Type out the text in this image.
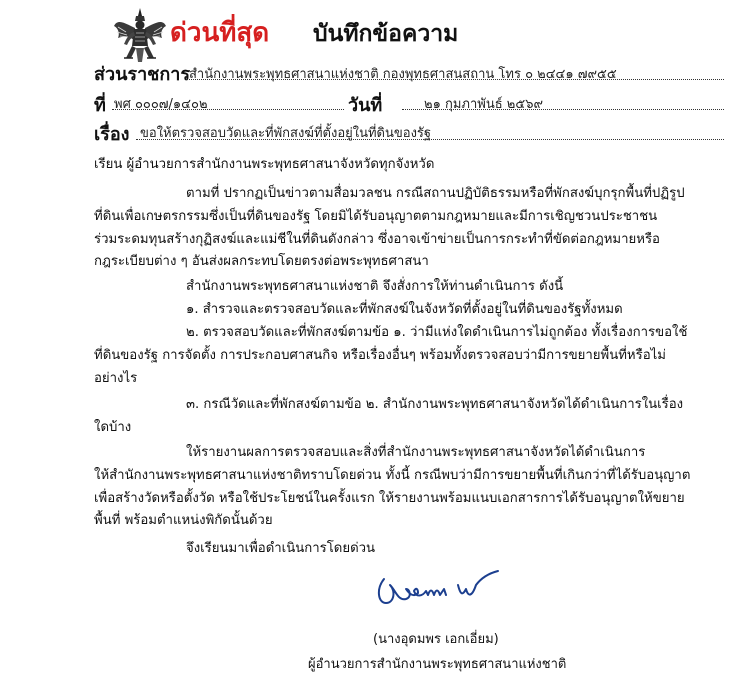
ด่วนที่สุด บันทึกข้อความ
ส่วนราชการ
สำนักงานพระพุทธศาสนาแห่งชาติ กองพุทธศาสนสถาน โทร ๐ ๒๔๔๑ ๗๙๕๕
ที่ พศ ๐๐๐๗/๑๔๐๒	วันที่	๒๑ กุมภาพันธ์ ๒๕๖๙
เรื่อง ขอให้ตรวจสอบวัดและที่พักสงฆ์ที่ตั้งอยู่ในที่ดินของรัฐ
เรียน ผู้อำนวยการสำนักงานพระพุทธศาสนาจังหวัดทุกจังหวัด
ตามที่ ปรากฏเป็นข่าวตามสื่อมวลชน กรณีสถานปฏิบัติธรรมหรือที่พักสงฆ์บุกรุกพื้นที่ปฏิรูป
ที่ดินเพื่อเกษตรกรรมซึ่งเป็นที่ดินของรัฐ โดยมิได้รับอนุญาตตามกฎหมายและมีการเชิญชวนประชาชน
ร่วมระดมทุนสร้างกุฏิสงฆ์และแม่ชีในที่ดินดังกล่าว ซึ่งอาจเข้าข่ายเป็นการกระทำที่ขัดต่อกฎหมายหรือ
กฎระเบียบต่าง ๆ อันส่งผลกระทบโดยตรงต่อพระพุทธศาสนา
สำนักงานพระพุทธศาสนาแห่งชาติ จึงสั่งการให้ท่านดำเนินการ ดังนี้
๑. สำรวจและตรวจสอบวัดและที่พักสงฆ์ในจังหวัดที่ตั้งอยู่ในที่ดินของรัฐทั้งหมด
๒. ตรวจสอบวัดและที่พักสงฆ์ตามข้อ ๑. ว่ามีแห่งใดดำเนินการไม่ถูกต้อง ทั้งเรื่องการขอใช้
ที่ดินของรัฐ การจัดตั้ง การประกอบศาสนกิจ หรือเรื่องอื่นๆ พร้อมทั้งตรวจสอบว่ามีการขยายพื้นที่หรือไม่
อย่างไร
๓. กรณีวัดและที่พักสงฆ์ตามข้อ ๒. สำนักงานพระพุทธศาสนาจังหวัดได้ดำเนินการในเรื่อง
ใดบ้าง
ให้รายงานผลการตรวจสอบและสิ่งที่สำนักงานพระพุทธศาสนาจังหวัดได้ดำเนินการ
ให้สำนักงานพระพุทธศาสนาแห่งชาติทราบโดยด่วน ทั้งนี้ กรณีพบว่ามีการขยายพื้นที่เกินกว่าที่ได้รับอนุญาต
เพื่อสร้างวัดหรือตั้งวัด หรือใช้ประโยชน์ในครั้งแรก ให้รายงานพร้อมแนบเอกสารการได้รับอนุญาตให้ขยาย
พื้นที่ พร้อมตำแหน่งพิกัดนั้นด้วย
จึงเรียนมาเพื่อดำเนินการโดยด่วน
(นางอุดมพร เอกเอี่ยม)
ผู้อำนวยการสำนักงานพระพุทธศาสนาแห่งชาติ
